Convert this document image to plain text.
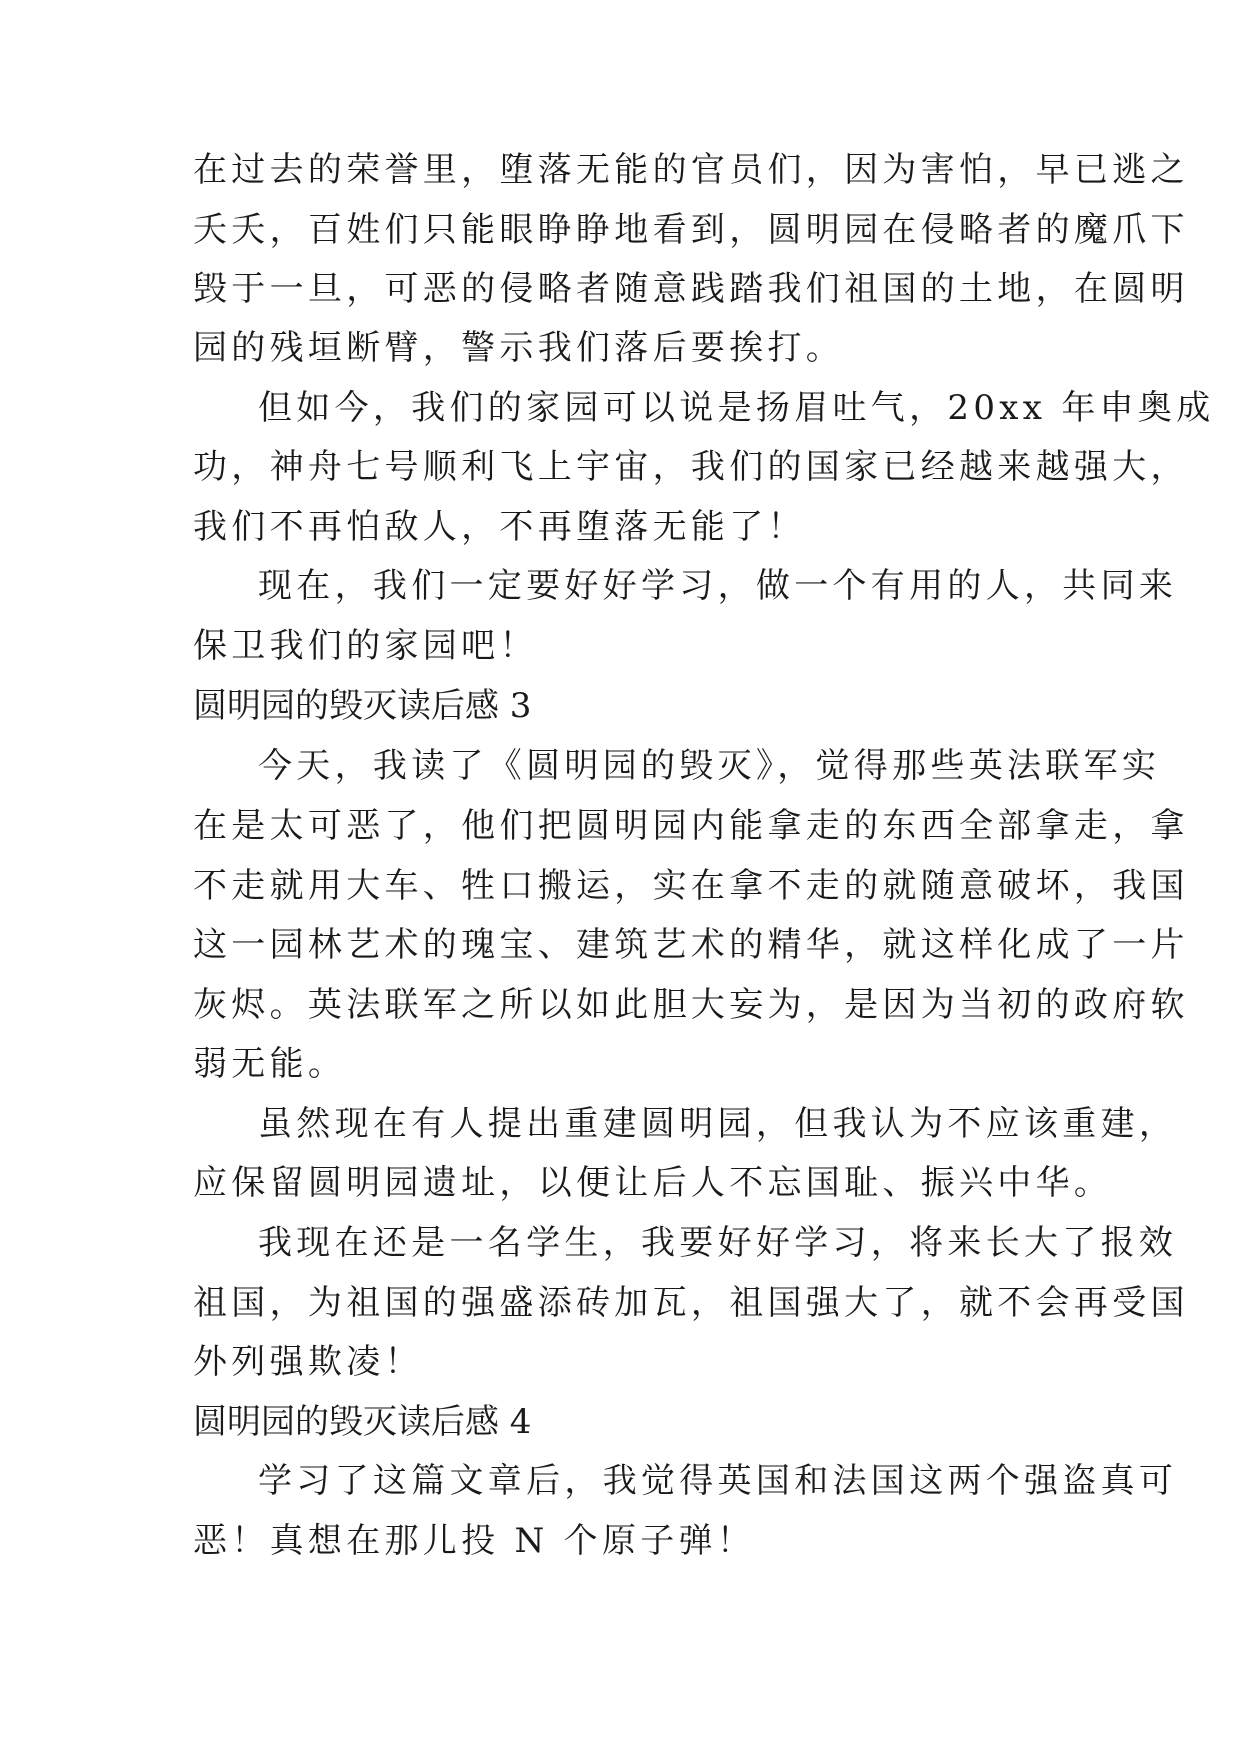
在过去的荣誉里，堕落无能的官员们，因为害怕，早已逃之
夭夭，百姓们只能眼睁睁地看到，圆明园在侵略者的魔爪下
毁于一旦，可恶的侵略者随意践踏我们祖国的土地，在圆明
园的残垣断臂，警示我们落后要挨打。
但如今，我们的家园可以说是扬眉吐气，20xx 年申奥成
功，神舟七号顺利飞上宇宙，我们的国家已经越来越强大，
我们不再怕敌人，不再堕落无能了！
现在，我们一定要好好学习，做一个有用的人，共同来
保卫我们的家园吧！
圆明园的毁灭读后感 3
今天，我读了《圆明园的毁灭》，觉得那些英法联军实
在是太可恶了，他们把圆明园内能拿走的东西全部拿走，拿
不走就用大车、牲口搬运，实在拿不走的就随意破坏，我国
这一园林艺术的瑰宝、建筑艺术的精华，就这样化成了一片
灰烬。英法联军之所以如此胆大妄为，是因为当初的政府软
弱无能。
虽然现在有人提出重建圆明园，但我认为不应该重建，
应保留圆明园遗址，以便让后人不忘国耻、振兴中华。
我现在还是一名学生，我要好好学习，将来长大了报效
祖国，为祖国的强盛添砖加瓦，祖国强大了，就不会再受国
外列强欺凌！
圆明园的毁灭读后感 4
学习了这篇文章后，我觉得英国和法国这两个强盗真可
恶！真想在那儿投 N 个原子弹！
